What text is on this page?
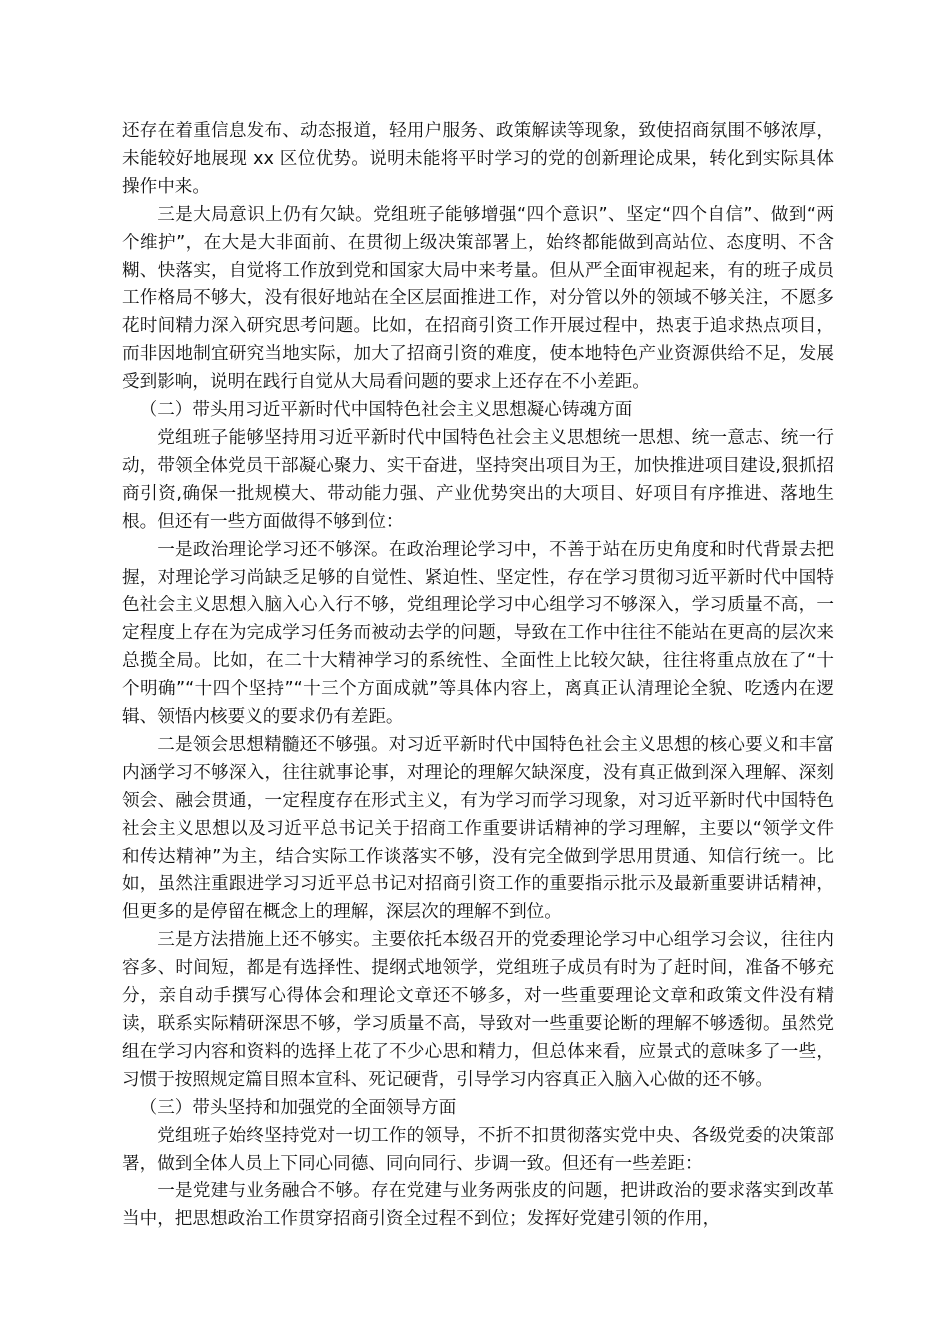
还存在着重信息发布、动态报道，轻用户服务、政策解读等现象，致使招商氛围不够浓厚，未能较好地展现 xx 区位优势。说明未能将平时学习的党的创新理论成果，转化到实际具体操作中来。

三是大局意识上仍有欠缺。党组班子能够增强“四个意识”、坚定“四个自信”、做到“两个维护”，在大是大非面前、在贯彻上级决策部署上，始终都能做到高站位、态度明、不含糊、快落实，自觉将工作放到党和国家大局中来考量。但从严全面审视起来，有的班子成员工作格局不够大，没有很好地站在全区层面推进工作，对分管以外的领域不够关注，不愿多花时间精力深入研究思考问题。比如，在招商引资工作开展过程中，热衷于追求热点项目，而非因地制宜研究当地实际，加大了招商引资的难度，使本地特色产业资源供给不足，发展受到影响，说明在践行自觉从大局看问题的要求上还存在不小差距。

（二）带头用习近平新时代中国特色社会主义思想凝心铸魂方面

党组班子能够坚持用习近平新时代中国特色社会主义思想统一思想、统一意志、统一行动，带领全体党员干部凝心聚力、实干奋进，坚持突出项目为王，加快推进项目建设,狠抓招商引资,确保一批规模大、带动能力强、产业优势突出的大项目、好项目有序推进、落地生根。但还有一些方面做得不够到位：

一是政治理论学习还不够深。在政治理论学习中，不善于站在历史角度和时代背景去把握，对理论学习尚缺乏足够的自觉性、紧迫性、坚定性，存在学习贯彻习近平新时代中国特色社会主义思想入脑入心入行不够，党组理论学习中心组学习不够深入，学习质量不高，一定程度上存在为完成学习任务而被动去学的问题，导致在工作中往往不能站在更高的层次来总揽全局。比如，在二十大精神学习的系统性、全面性上比较欠缺，往往将重点放在了“十个明确”“十四个坚持”“十三个方面成就”等具体内容上，离真正认清理论全貌、吃透内在逻辑、领悟内核要义的要求仍有差距。

二是领会思想精髓还不够强。对习近平新时代中国特色社会主义思想的核心要义和丰富内涵学习不够深入，往往就事论事，对理论的理解欠缺深度，没有真正做到深入理解、深刻领会、融会贯通，一定程度存在形式主义，有为学习而学习现象，对习近平新时代中国特色社会主义思想以及习近平总书记关于招商工作重要讲话精神的学习理解，主要以“领学文件和传达精神”为主，结合实际工作谈落实不够，没有完全做到学思用贯通、知信行统一。比如，虽然注重跟进学习习近平总书记对招商引资工作的重要指示批示及最新重要讲话精神，但更多的是停留在概念上的理解，深层次的理解不到位。

三是方法措施上还不够实。主要依托本级召开的党委理论学习中心组学习会议，往往内容多、时间短，都是有选择性、提纲式地领学，党组班子成员有时为了赶时间，准备不够充分，亲自动手撰写心得体会和理论文章还不够多，对一些重要理论文章和政策文件没有精读，联系实际精研深思不够，学习质量不高，导致对一些重要论断的理解不够透彻。虽然党组在学习内容和资料的选择上花了不少心思和精力，但总体来看，应景式的意味多了一些，习惯于按照规定篇目照本宣科、死记硬背，引导学习内容真正入脑入心做的还不够。

（三）带头坚持和加强党的全面领导方面

党组班子始终坚持党对一切工作的领导，不折不扣贯彻落实党中央、各级党委的决策部署，做到全体人员上下同心同德、同向同行、步调一致。但还有一些差距：

一是党建与业务融合不够。存在党建与业务两张皮的问题，把讲政治的要求落实到改革当中，把思想政治工作贯穿招商引资全过程不到位；发挥好党建引领的作用，
